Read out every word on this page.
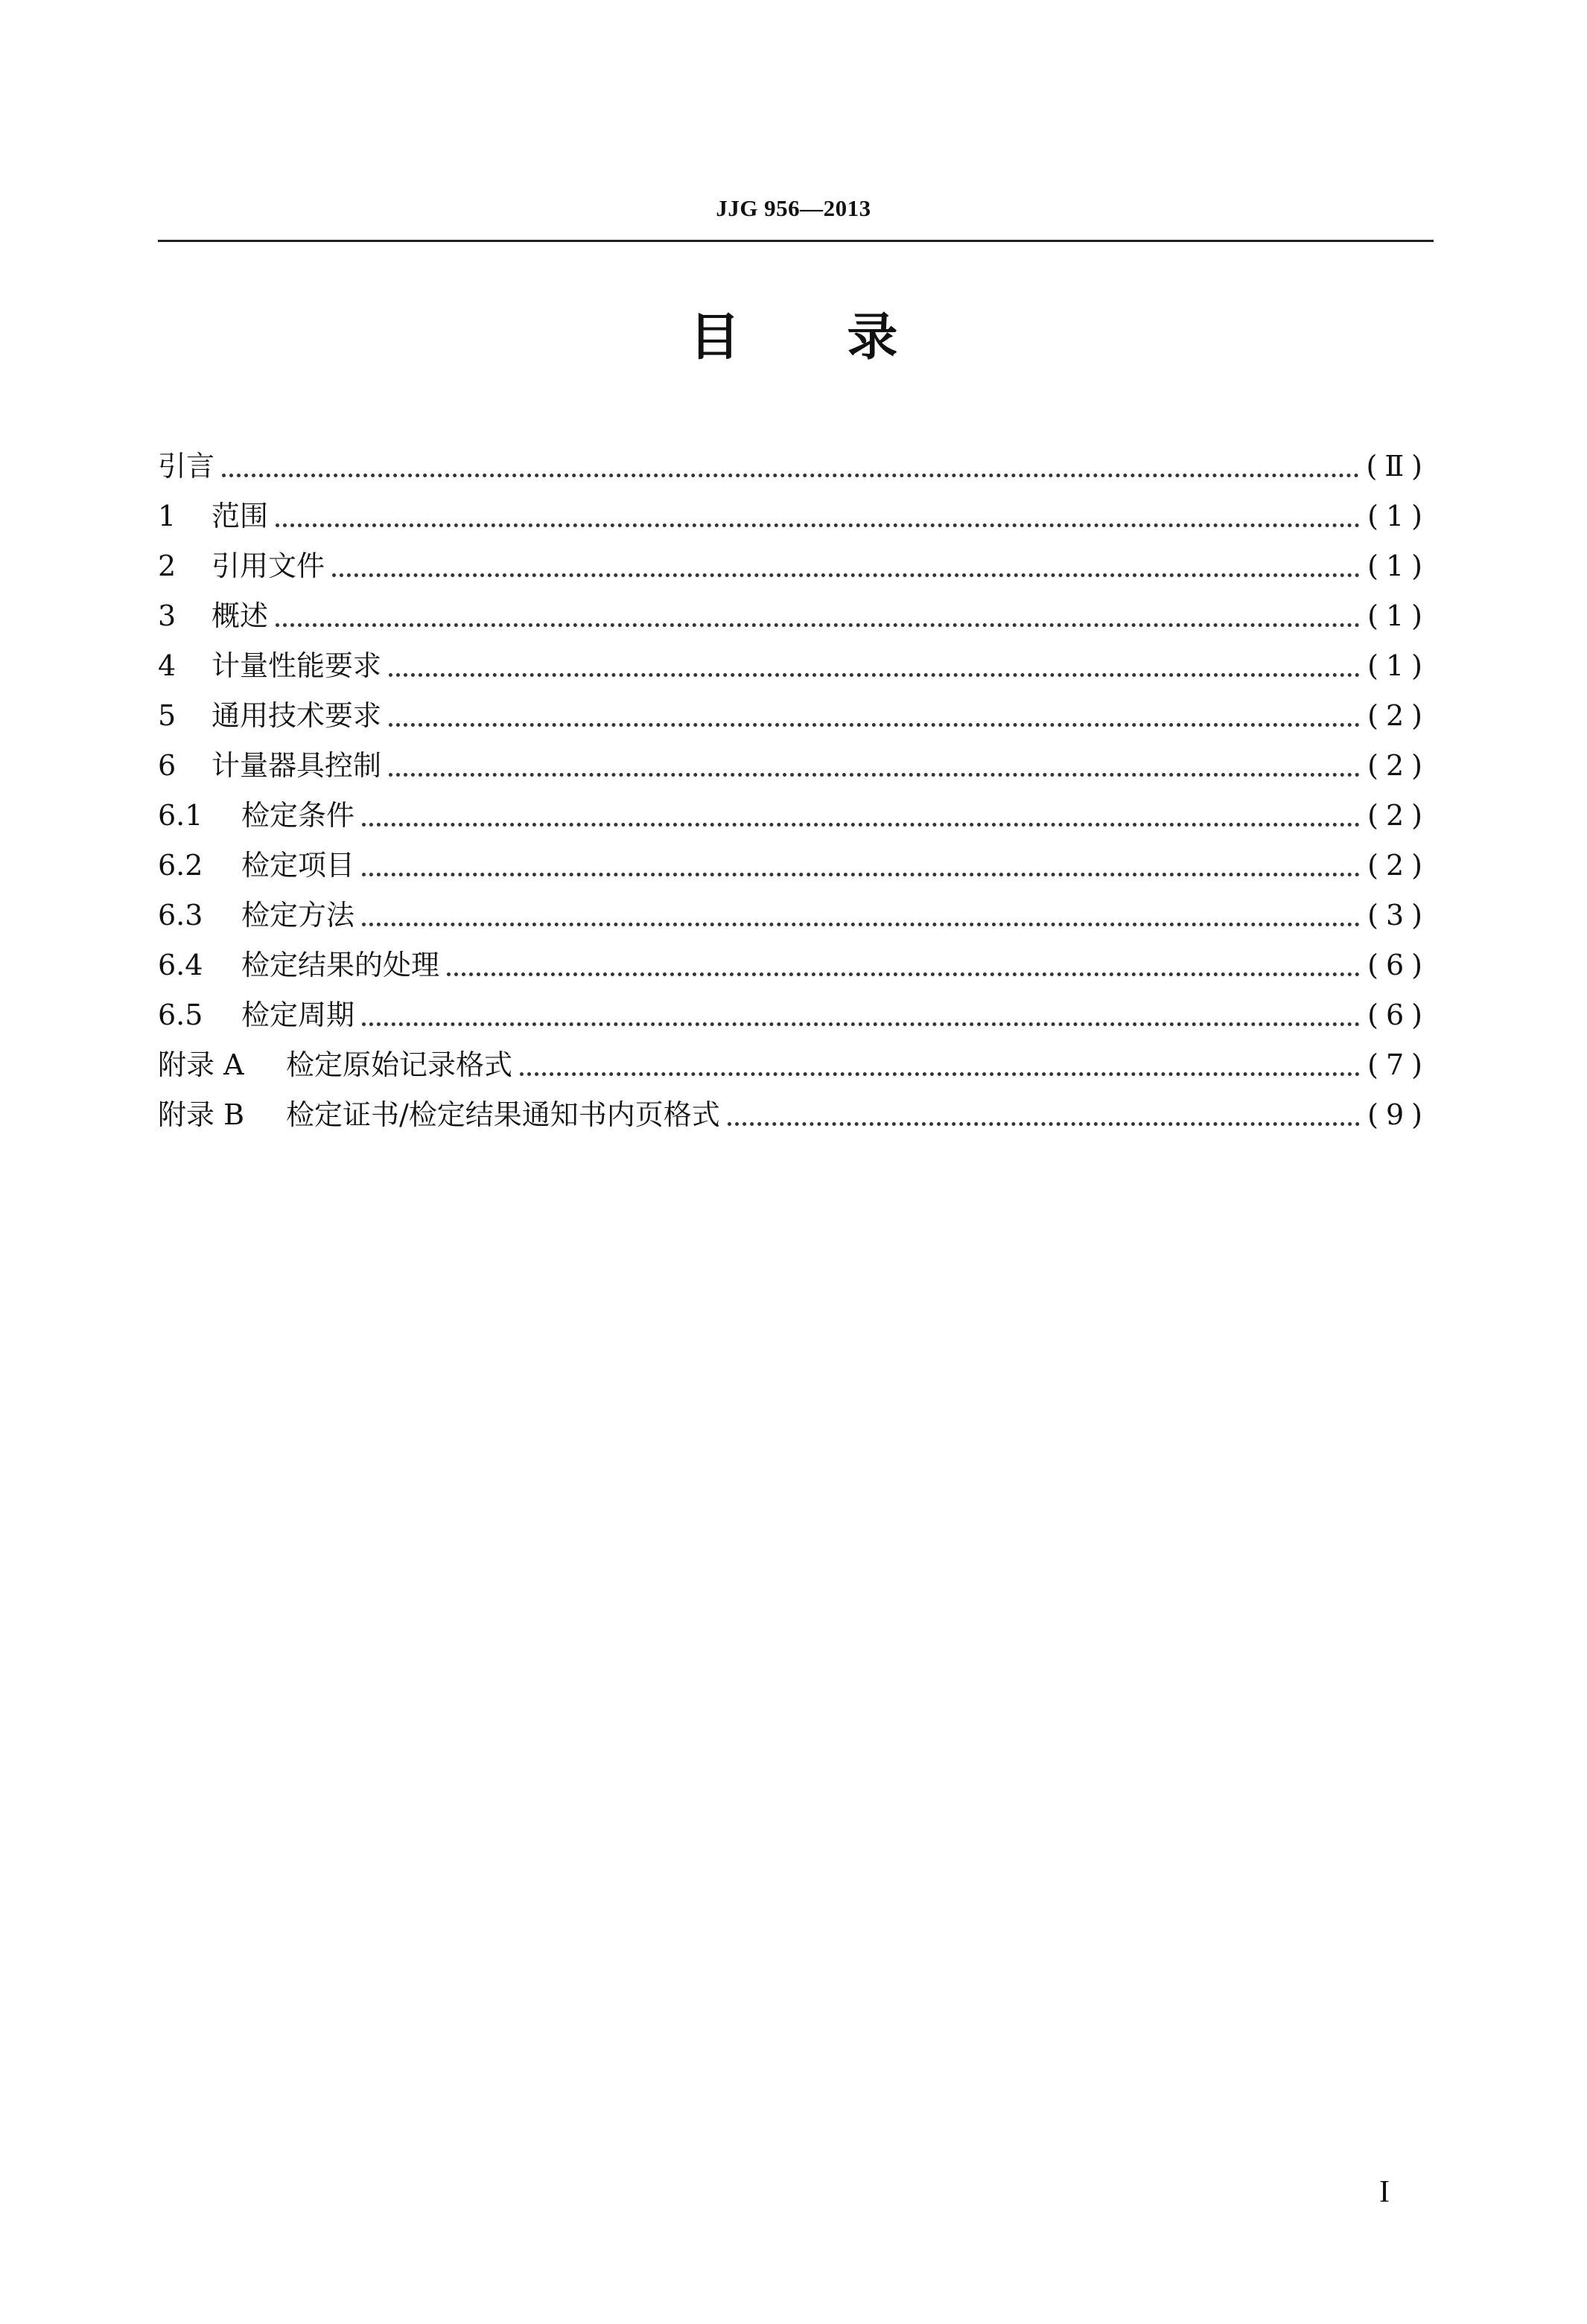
JJG 956—2013
目 录
引言	(Ⅱ)
1	范围	(1)
2	引用文件	(1)
3	概述	(1)
4	计量性能要求	(1)
5	通用技术要求	(2)
6	计量器具控制	(2)
6.1	检定条件	(2)
6.2	检定项目	(2)
6.3	检定方法	(3)
6.4	检定结果的处理	(6)
6.5	检定周期	(6)
附录 A	检定原始记录格式	(7)
附录 B	检定证书/检定结果通知书内页格式	(9)
I
